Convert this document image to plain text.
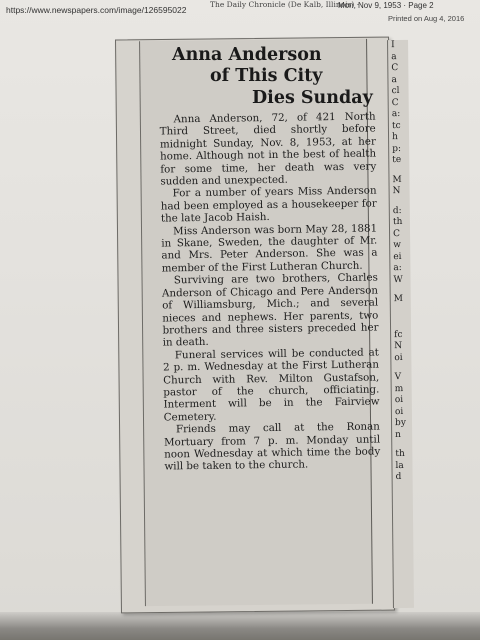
https://www.newspapers.com/image/126595022
The Daily Chronicle (De Kalb, Illinois) ·
Mon, Nov 9, 1953 · Page 2
Printed on Aug 4, 2016
Anna Anderson
of This City
Dies Sunday

Anna Anderson, 72, of 421 North Third Street, died shortly before midnight Sunday, Nov. 8, 1953, at her home. Although not in the best of health for some time, her death was very sudden and unexpected.

For a number of years Miss Anderson had been employed as a housekeeper for the late Jacob Haish.

Miss Anderson was born May 28, 1881 in Skane, Sweden, the daughter of Mr. and Mrs. Peter Anderson. She was a member of the First Lutheran Church.

Surviving are two brothers, Charles Anderson of Chicago and Pere Anderson of Williamsburg, Mich.; and several nieces and nephews. Her parents, two brothers and three sisters preceded her in death.

Funeral services will be conducted at 2 p. m. Wednesday at the First Lutheran Church with Rev. Milton Gustafson, pastor of the church, officiating. Interment will be in the Fairview Cemetery.

Friends may call at the Ronan Mortuary from 7 p. m. Monday until noon Wednesday at which time the body will be taken to the church.

I
a
C
a
cl
C
a:
tc
h
p:
te
M
N
d:
th
C
w
ei
a:
W
M
fc
N
oi
V
m
oi
oi
by
n
th
la
d
